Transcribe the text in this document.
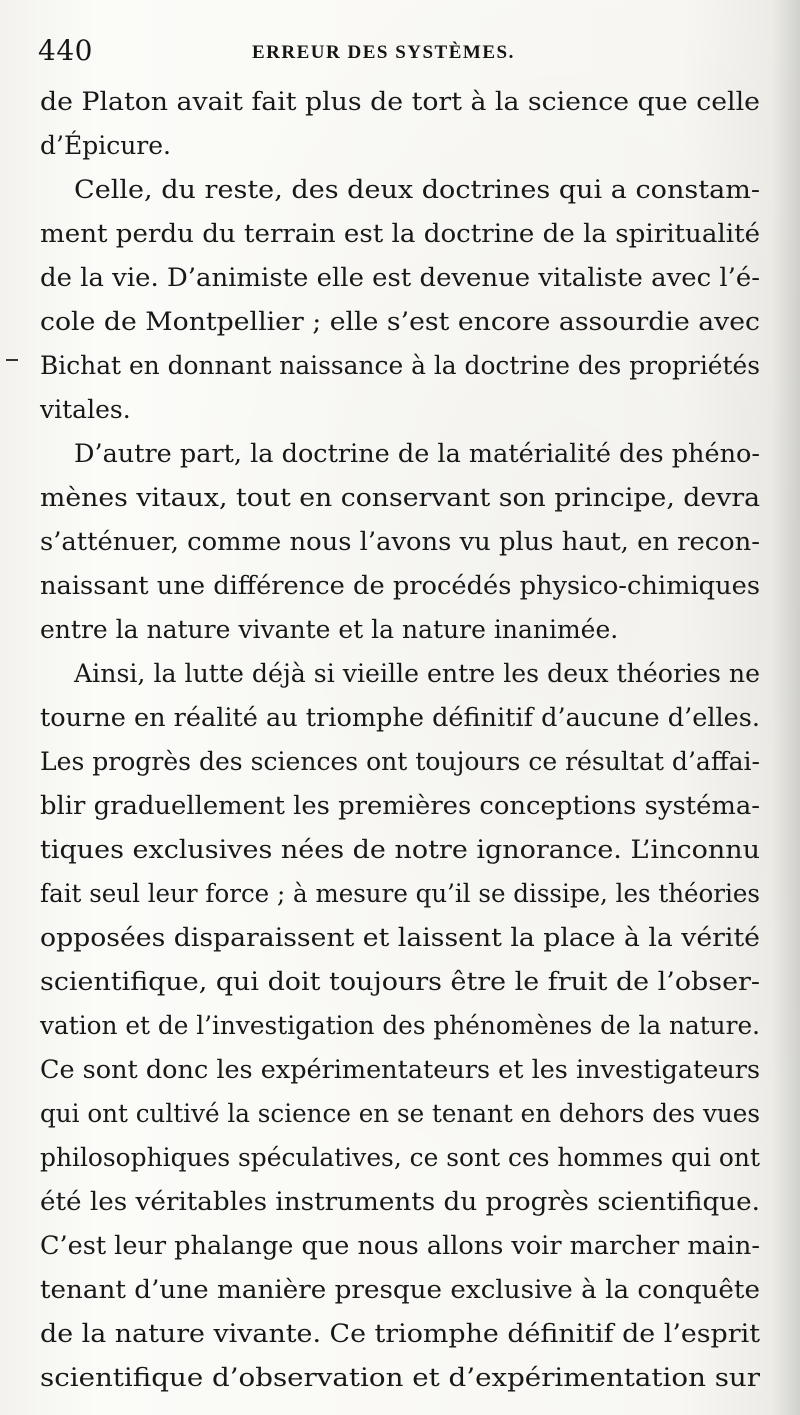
440	ERREUR DES SYSTÈMES.
de Platon avait fait plus de tort à la science que celle
d’Épicure.
Celle, du reste, des deux doctrines qui a constam-
ment perdu du terrain est la doctrine de la spiritualité
de la vie. D’animiste elle est devenue vitaliste avec l’é-
cole de Montpellier ; elle s’est encore assourdie avec
Bichat en donnant naissance à la doctrine des propriétés
vitales.
D’autre part, la doctrine de la matérialité des phéno-
mènes vitaux, tout en conservant son principe, devra
s’atténuer, comme nous l’avons vu plus haut, en recon-
naissant une différence de procédés physico-chimiques
entre la nature vivante et la nature inanimée.
Ainsi, la lutte déjà si vieille entre les deux théories ne
tourne en réalité au triomphe définitif d’aucune d’elles.
Les progrès des sciences ont toujours ce résultat d’affai-
blir graduellement les premières conceptions systéma-
tiques exclusives nées de notre ignorance. L’inconnu
fait seul leur force ; à mesure qu’il se dissipe, les théories
opposées disparaissent et laissent la place à la vérité
scientifique, qui doit toujours être le fruit de l’obser-
vation et de l’investigation des phénomènes de la nature.
Ce sont donc les expérimentateurs et les investigateurs
qui ont cultivé la science en se tenant en dehors des vues
philosophiques spéculatives, ce sont ces hommes qui ont
été les véritables instruments du progrès scientifique.
C’est leur phalange que nous allons voir marcher main-
tenant d’une manière presque exclusive à la conquête
de la nature vivante. Ce triomphe définitif de l’esprit
scientifique d’observation et d’expérimentation sur
